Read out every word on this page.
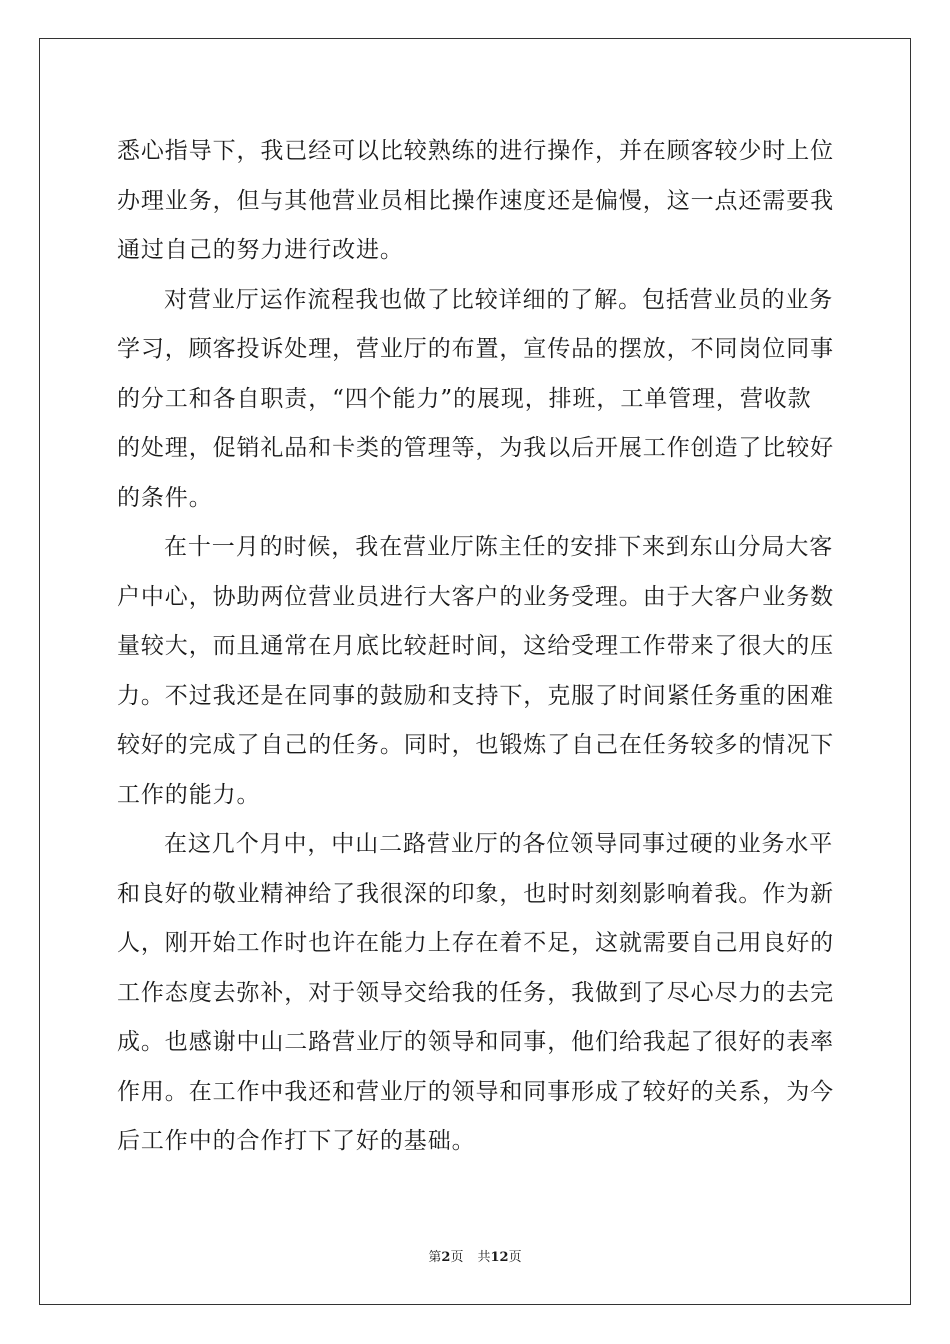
悉心指导下，我已经可以比较熟练的进行操作，并在顾客较少时上位
办理业务，但与其他营业员相比操作速度还是偏慢，这一点还需要我
通过自己的努力进行改进。
对营业厅运作流程我也做了比较详细的了解。包括营业员的业务
学习，顾客投诉处理，营业厅的布置，宣传品的摆放，不同岗位同事
的分工和各自职责，“四个能力”的展现，排班，工单管理，营收款
的处理，促销礼品和卡类的管理等，为我以后开展工作创造了比较好
的条件。
在十一月的时候，我在营业厅陈主任的安排下来到东山分局大客
户中心，协助两位营业员进行大客户的业务受理。由于大客户业务数
量较大，而且通常在月底比较赶时间，这给受理工作带来了很大的压
力。不过我还是在同事的鼓励和支持下，克服了时间紧任务重的困难
较好的完成了自己的任务。同时，也锻炼了自己在任务较多的情况下
工作的能力。
在这几个月中，中山二路营业厅的各位领导同事过硬的业务水平
和良好的敬业精神给了我很深的印象，也时时刻刻影响着我。作为新
人，刚开始工作时也许在能力上存在着不足，这就需要自己用良好的
工作态度去弥补，对于领导交给我的任务，我做到了尽心尽力的去完
成。也感谢中山二路营业厅的领导和同事，他们给我起了很好的表率
作用。在工作中我还和营业厅的领导和同事形成了较好的关系，为今
后工作中的合作打下了好的基础。
第2页 共12页
